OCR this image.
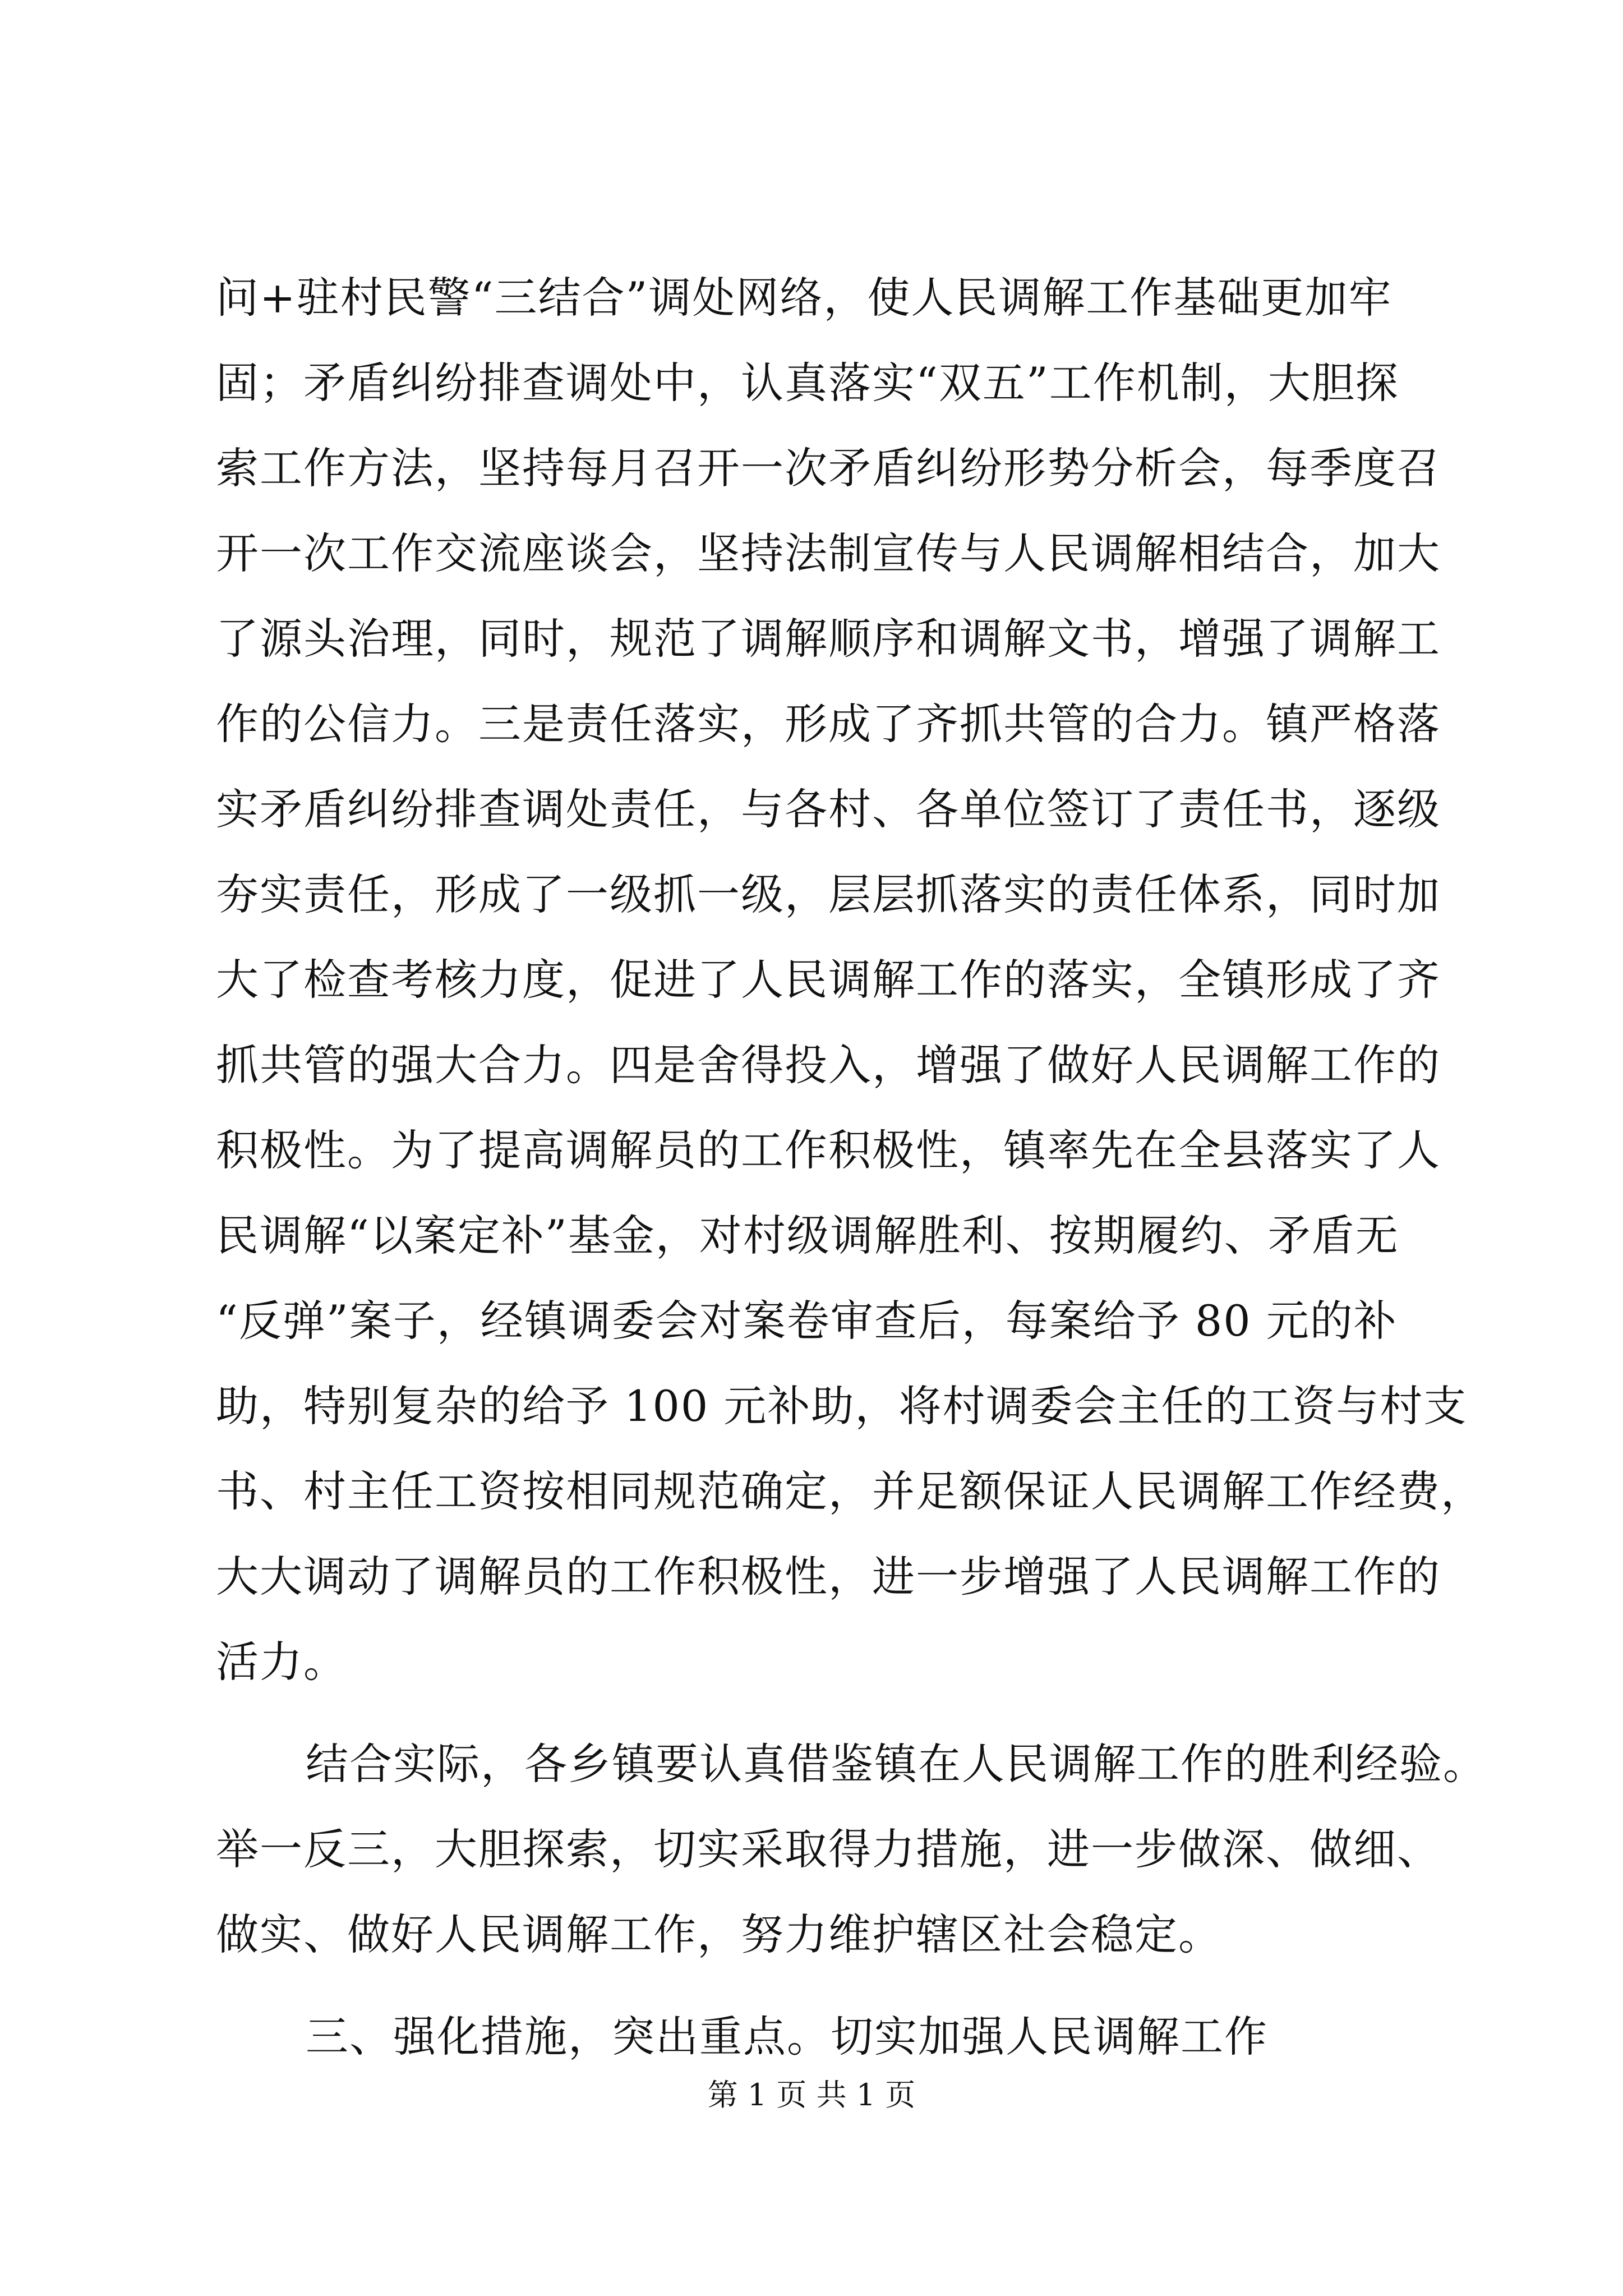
问+驻村民警“三结合”调处网络，使人民调解工作基础更加牢
固；矛盾纠纷排查调处中，认真落实“双五”工作机制，大胆探
索工作方法，坚持每月召开一次矛盾纠纷形势分析会，每季度召
开一次工作交流座谈会，坚持法制宣传与人民调解相结合，加大
了源头治理，同时，规范了调解顺序和调解文书，增强了调解工
作的公信力。三是责任落实，形成了齐抓共管的合力。镇严格落
实矛盾纠纷排查调处责任，与各村、各单位签订了责任书，逐级
夯实责任，形成了一级抓一级，层层抓落实的责任体系，同时加
大了检查考核力度，促进了人民调解工作的落实，全镇形成了齐
抓共管的强大合力。四是舍得投入，增强了做好人民调解工作的
积极性。为了提高调解员的工作积极性，镇率先在全县落实了人
民调解“以案定补”基金，对村级调解胜利、按期履约、矛盾无
“反弹”案子，经镇调委会对案卷审查后，每案给予 80 元的补
助，特别复杂的给予 100 元补助，将村调委会主任的工资与村支
书、村主任工资按相同规范确定，并足额保证人民调解工作经费，
大大调动了调解员的工作积极性，进一步增强了人民调解工作的
活力。
结合实际，各乡镇要认真借鉴镇在人民调解工作的胜利经验。
举一反三，大胆探索，切实采取得力措施，进一步做深、做细、
做实、做好人民调解工作，努力维护辖区社会稳定。
三、强化措施，突出重点。切实加强人民调解工作
第 1 页 共 1 页
